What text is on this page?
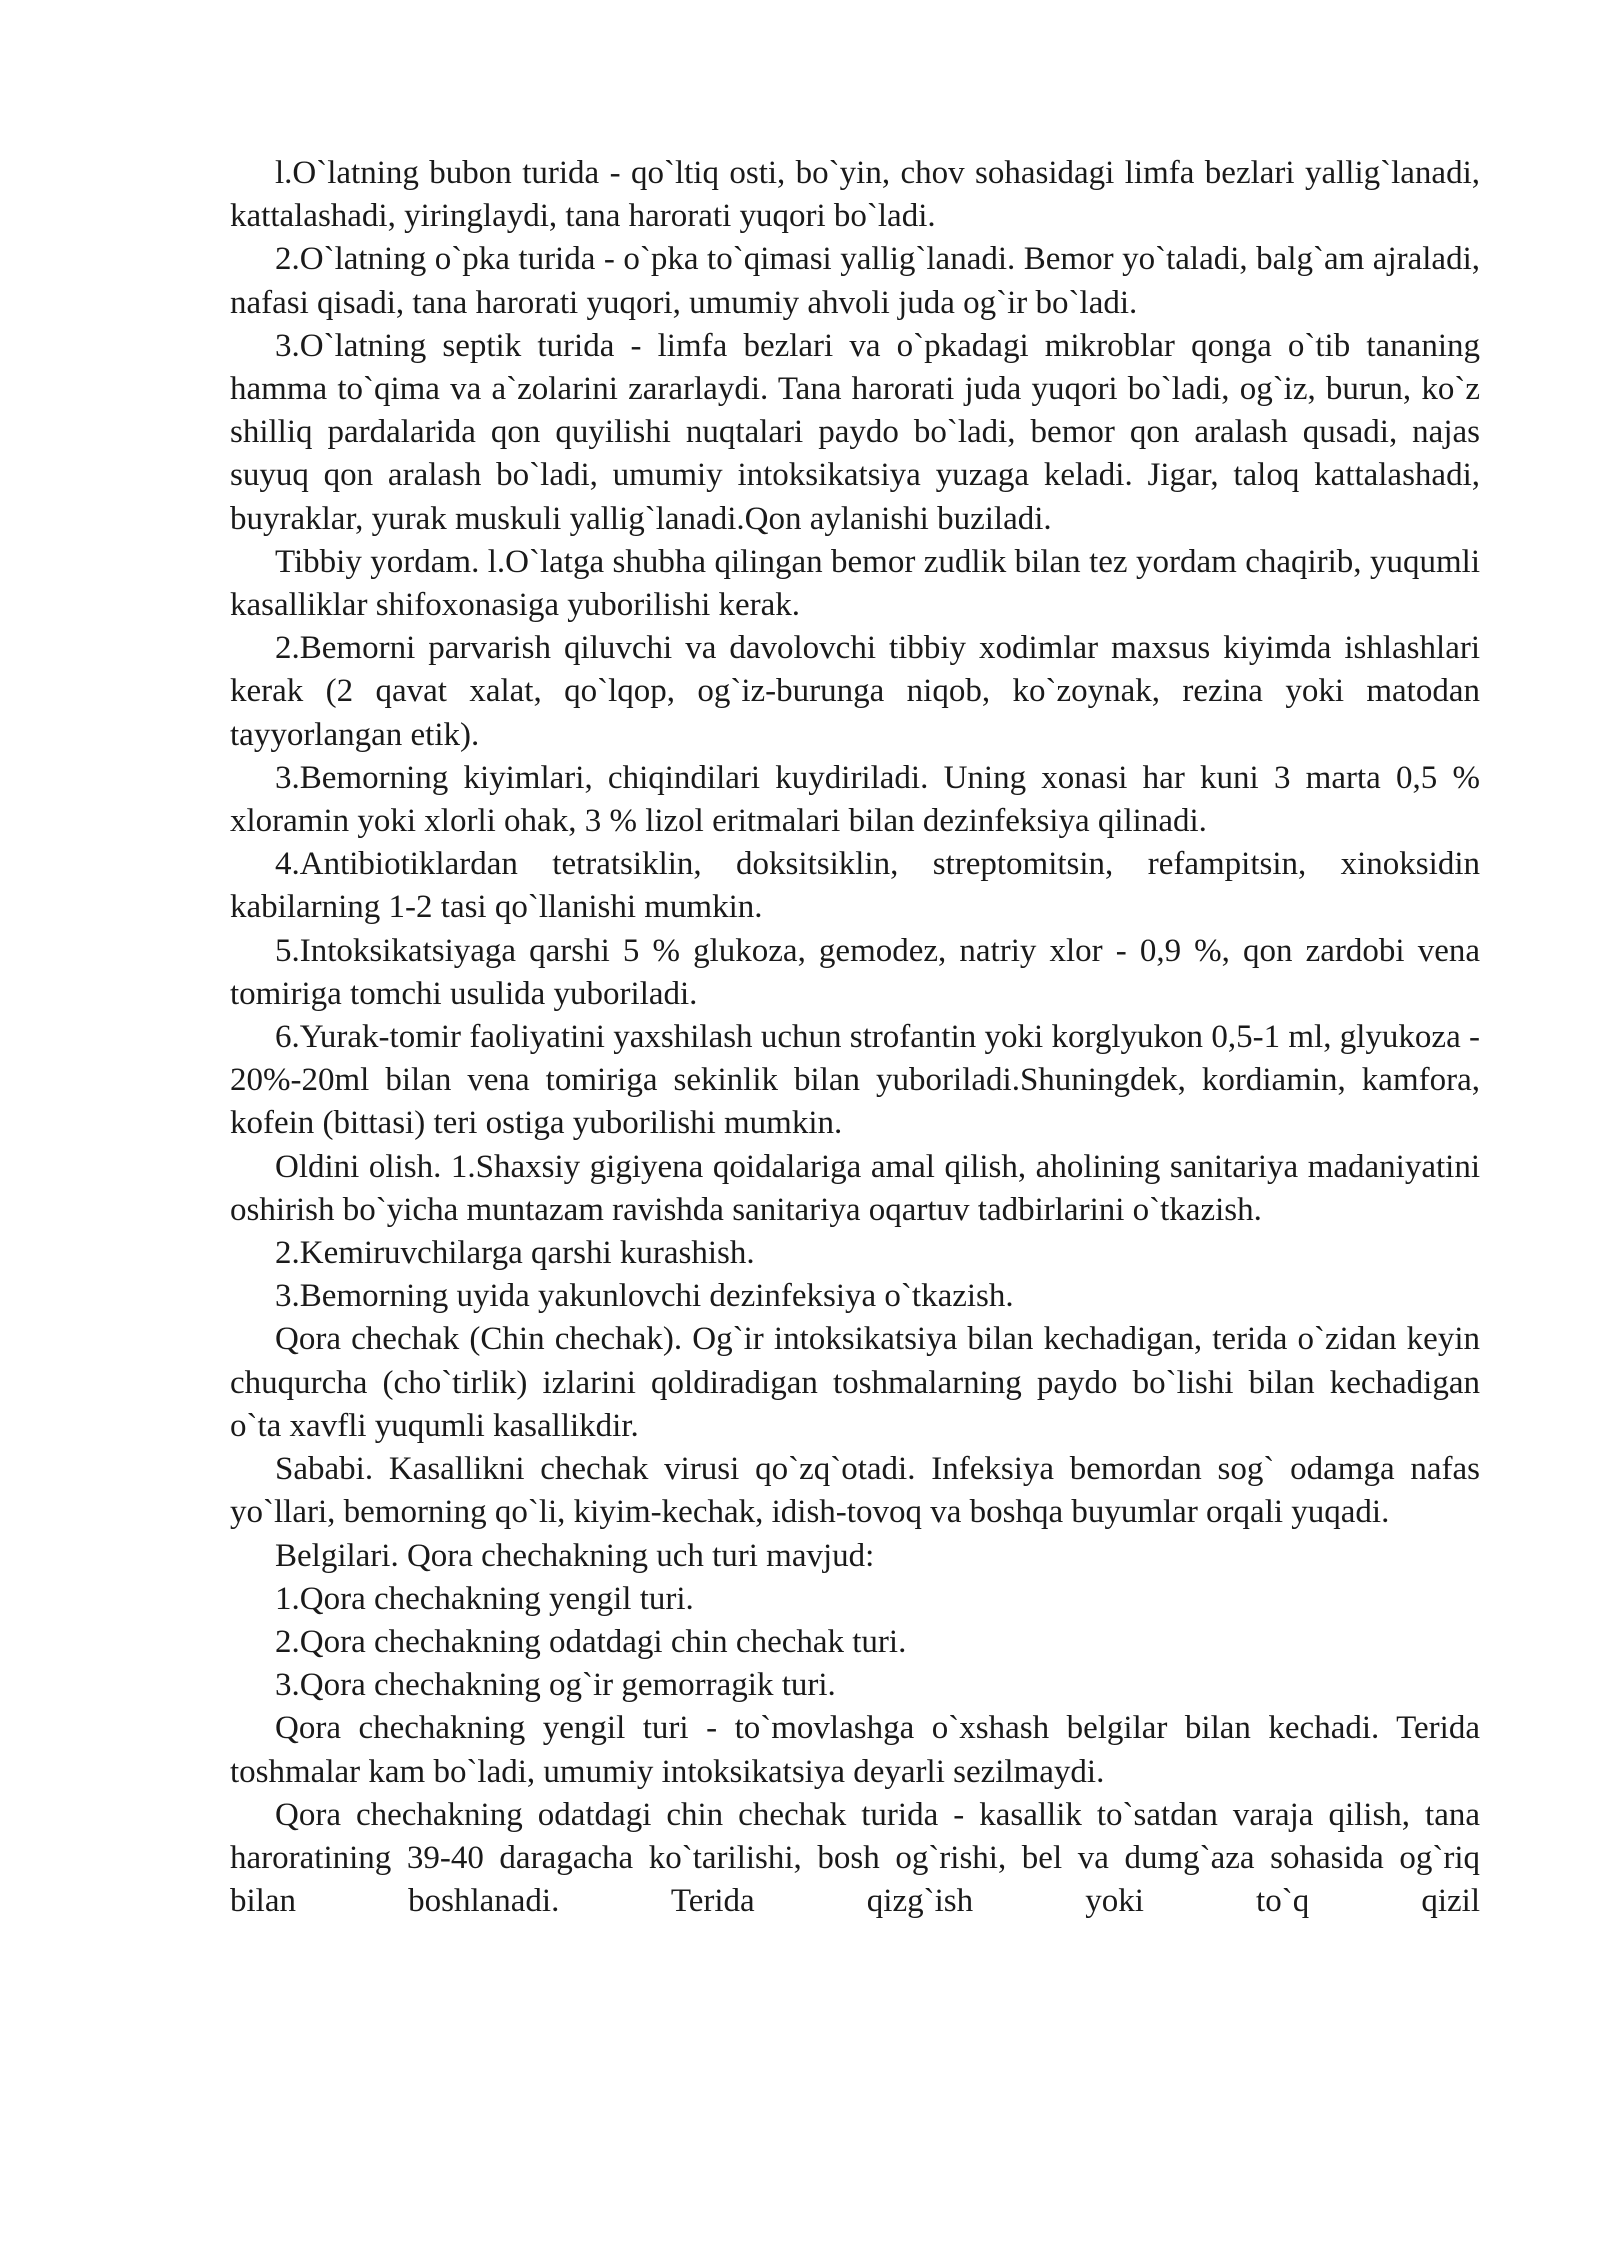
l.O`latning bubon turida - qo`ltiq osti, bo`yin, chov sohasidagi limfa bezlari yallig`lanadi, kattalashadi, yiringlaydi, tana harorati yuqori bo`ladi.

2.O`latning o`pka turida - o`pka to`qimasi yallig`lanadi. Bemor yo`taladi, balg`am ajraladi, nafasi qisadi, tana harorati yuqori, umumiy ahvoli juda og`ir bo`ladi.

3.O`latning septik turida - limfa bezlari va o`pkadagi mikroblar qonga o`tib tananing hamma to`qima va a`zolarini zararlaydi. Tana harorati juda yuqori bo`ladi, og`iz, burun, ko`z shilliq pardalarida qon quyilishi nuqtalari paydo bo`ladi, bemor qon aralash qusadi, najas suyuq qon aralash bo`ladi, umumiy intoksikatsiya yuzaga keladi. Jigar, taloq kattalashadi, buyraklar, yurak muskuli yallig`lanadi.Qon aylanishi buziladi.

Tibbiy yordam. l.O`latga shubha qilingan bemor zudlik bilan tez yordam chaqirib, yuqumli kasalliklar shifoxonasiga yuborilishi kerak.

2.Bemorni parvarish qiluvchi va davolovchi tibbiy xodimlar maxsus kiyimda ishlashlari kerak (2 qavat xalat, qo`lqop, og`iz-burunga niqob, ko`zoynak, rezina yoki matodan tayyorlangan etik).

3.Bemorning kiyimlari, chiqindilari kuydiriladi. Uning xonasi har kuni 3 marta 0,5 % xloramin yoki xlorli ohak, 3 % lizol eritmalari bilan dezinfeksiya qilinadi.

4.Antibiotiklardan tetratsiklin, doksitsiklin, streptomitsin, refampitsin, xinoksidin kabilarning 1-2 tasi qo`llanishi mumkin.

5.Intoksikatsiyaga qarshi 5 % glukoza, gemodez, natriy xlor - 0,9 %, qon zardobi vena tomiriga tomchi usulida yuboriladi.

6.Yurak-tomir faoliyatini yaxshilash uchun strofantin yoki korglyukon 0,5-1 ml, glyukoza - 20%-20ml bilan vena tomiriga sekinlik bilan yuboriladi.Shuningdek, kordiamin, kamfora, kofein (bittasi) teri ostiga yuborilishi mumkin.

Oldini olish. 1.Shaxsiy gigiyena qoidalariga amal qilish, aholining sanitariya madaniyatini oshirish bo`yicha muntazam ravishda sanitariya oqartuv tadbirlarini o`tkazish.

2.Kemiruvchilarga qarshi kurashish.

3.Bemorning uyida yakunlovchi dezinfeksiya o`tkazish.

Qora chechak (Chin chechak). Og`ir intoksikatsiya bilan kechadigan, terida o`zidan keyin chuqurcha (cho`tirlik) izlarini qoldiradigan toshmalarning paydo bo`lishi bilan kechadigan o`ta xavfli yuqumli kasallikdir.

Sababi. Kasallikni chechak virusi qo`zq`otadi. Infeksiya bemordan sog` odamga nafas yo`llari, bemorning qo`li, kiyim-kechak, idish-tovoq va boshqa buyumlar orqali yuqadi.

Belgilari. Qora chechakning uch turi mavjud:

1.Qora chechakning yengil turi.

2.Qora chechakning odatdagi chin chechak turi.

3.Qora chechakning og`ir gemorragik turi.

Qora chechakning yengil turi - to`movlashga o`xshash belgilar bilan kechadi. Terida toshmalar kam bo`ladi, umumiy intoksikatsiya deyarli sezilmaydi.

Qora chechakning odatdagi chin chechak turida - kasallik to`satdan varaja qilish, tana haroratining 39-40 daragacha ko`tarilishi, bosh og`rishi, bel va dumg`aza sohasida og`riq bilan boshlanadi. Terida qizg`ish yoki to`q qizil
